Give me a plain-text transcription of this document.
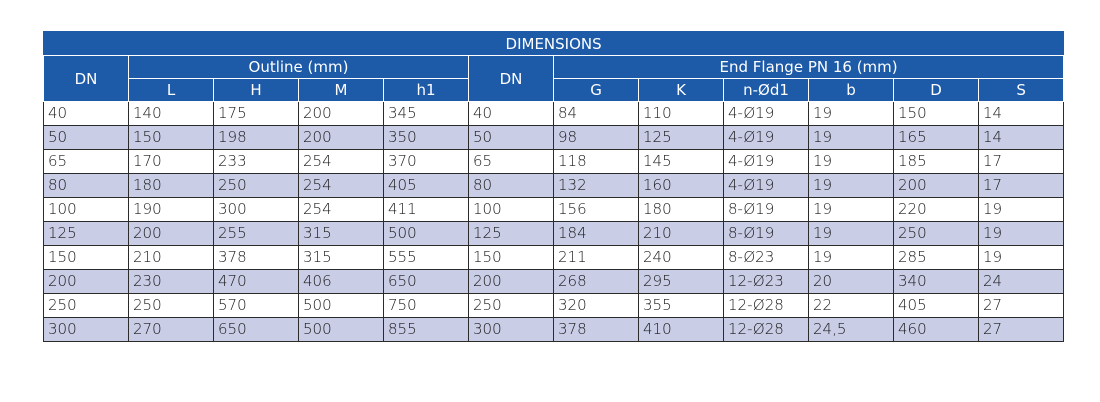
DIMENSIONS											
DN	Outline (mm)				DN	End Flange PN 16 (mm)					
	L	H	M	h1		G	K	n-Ød1	b	D	S
40	140	175	200	345	40	84	110	4-Ø19	19	150	14
50	150	198	200	350	50	98	125	4-Ø19	19	165	14
65	170	233	254	370	65	118	145	4-Ø19	19	185	17
80	180	250	254	405	80	132	160	4-Ø19	19	200	17
100	190	300	254	411	100	156	180	8-Ø19	19	220	19
125	200	255	315	500	125	184	210	8-Ø19	19	250	19
150	210	378	315	555	150	211	240	8-Ø23	19	285	19
200	230	470	406	650	200	268	295	12-Ø23	20	340	24
250	250	570	500	750	250	320	355	12-Ø28	22	405	27
300	270	650	500	855	300	378	410	12-Ø28	24,5	460	27
